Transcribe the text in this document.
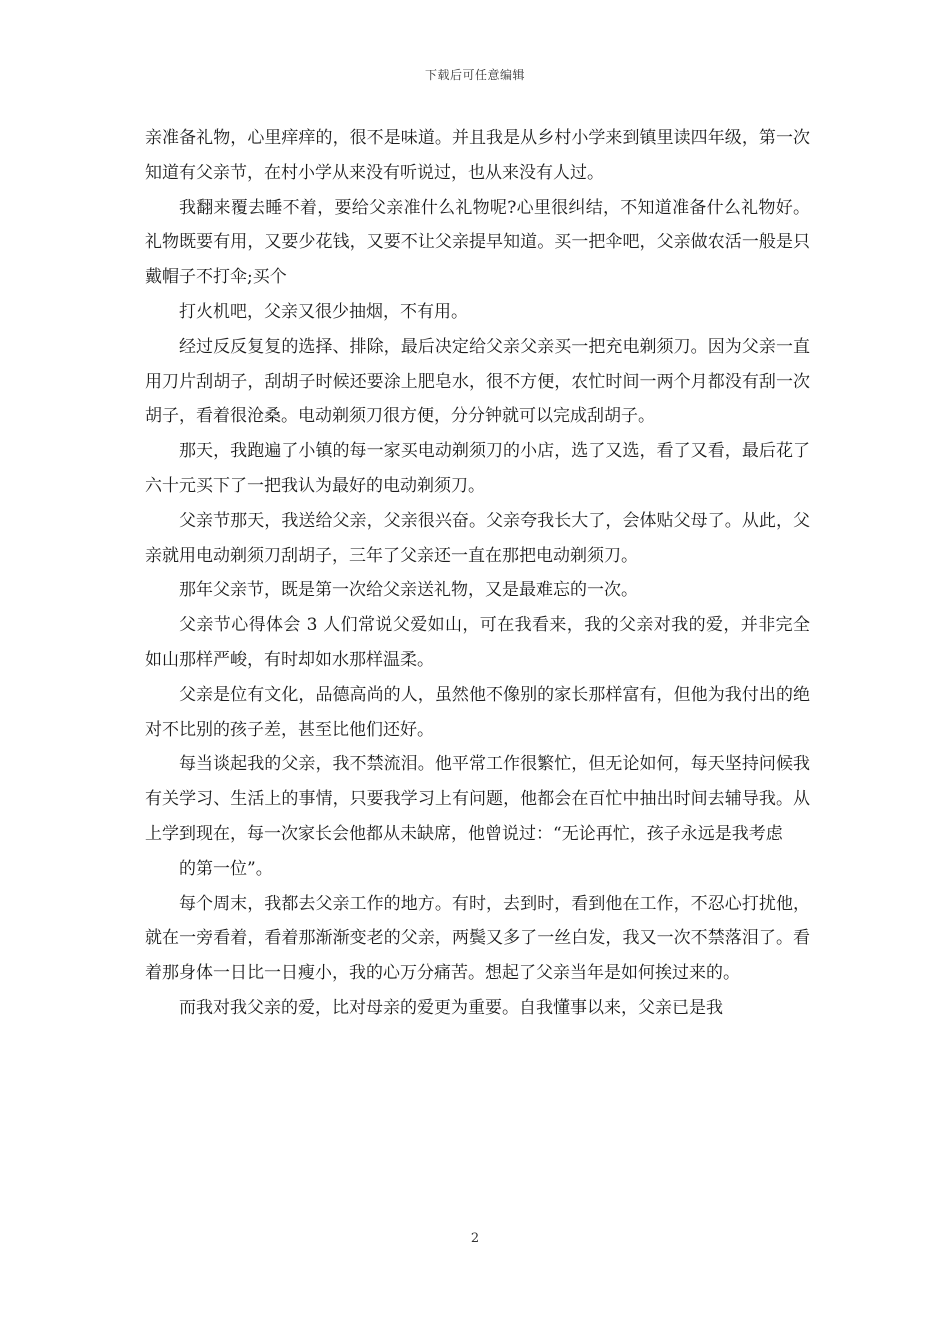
下载后可任意编辑

亲准备礼物，心里痒痒的，很不是味道。并且我是从乡村小学来到镇里读四年级，第一次知道有父亲节，在村小学从来没有听说过，也从来没有人过。

我翻来覆去睡不着，要给父亲准什么礼物呢?心里很纠结，不知道准备什么礼物好。礼物既要有用，又要少花钱，又要不让父亲提早知道。买一把伞吧，父亲做农活一般是只戴帽子不打伞;买个

打火机吧，父亲又很少抽烟，不有用。

经过反反复复的选择、排除，最后决定给父亲父亲买一把充电剃须刀。因为父亲一直用刀片刮胡子，刮胡子时候还要涂上肥皂水，很不方便，农忙时间一两个月都没有刮一次胡子，看着很沧桑。电动剃须刀很方便，分分钟就可以完成刮胡子。

那天，我跑遍了小镇的每一家买电动剃须刀的小店，选了又选，看了又看，最后花了六十元买下了一把我认为最好的电动剃须刀。

父亲节那天，我送给父亲，父亲很兴奋。父亲夸我长大了，会体贴父母了。从此，父亲就用电动剃须刀刮胡子，三年了父亲还一直在那把电动剃须刀。

那年父亲节，既是第一次给父亲送礼物，又是最难忘的一次。

父亲节心得体会 3 人们常说父爱如山，可在我看来，我的父亲对我的爱，并非完全如山那样严峻，有时却如水那样温柔。

父亲是位有文化，品德高尚的人，虽然他不像别的家长那样富有，但他为我付出的绝对不比别的孩子差，甚至比他们还好。

每当谈起我的父亲，我不禁流泪。他平常工作很繁忙，但无论如何，每天坚持问候我有关学习、生活上的事情，只要我学习上有问题，他都会在百忙中抽出时间去辅导我。从上学到现在，每一次家长会他都从未缺席，他曾说过：“无论再忙，孩子永远是我考虑

的第一位”。

每个周末，我都去父亲工作的地方。有时，去到时，看到他在工作，不忍心打扰他，就在一旁看着，看着那渐渐变老的父亲，两鬓又多了一丝白发，我又一次不禁落泪了。看着那身体一日比一日瘦小，我的心万分痛苦。想起了父亲当年是如何挨过来的。

而我对我父亲的爱，比对母亲的爱更为重要。自我懂事以来，父亲已是我

2
